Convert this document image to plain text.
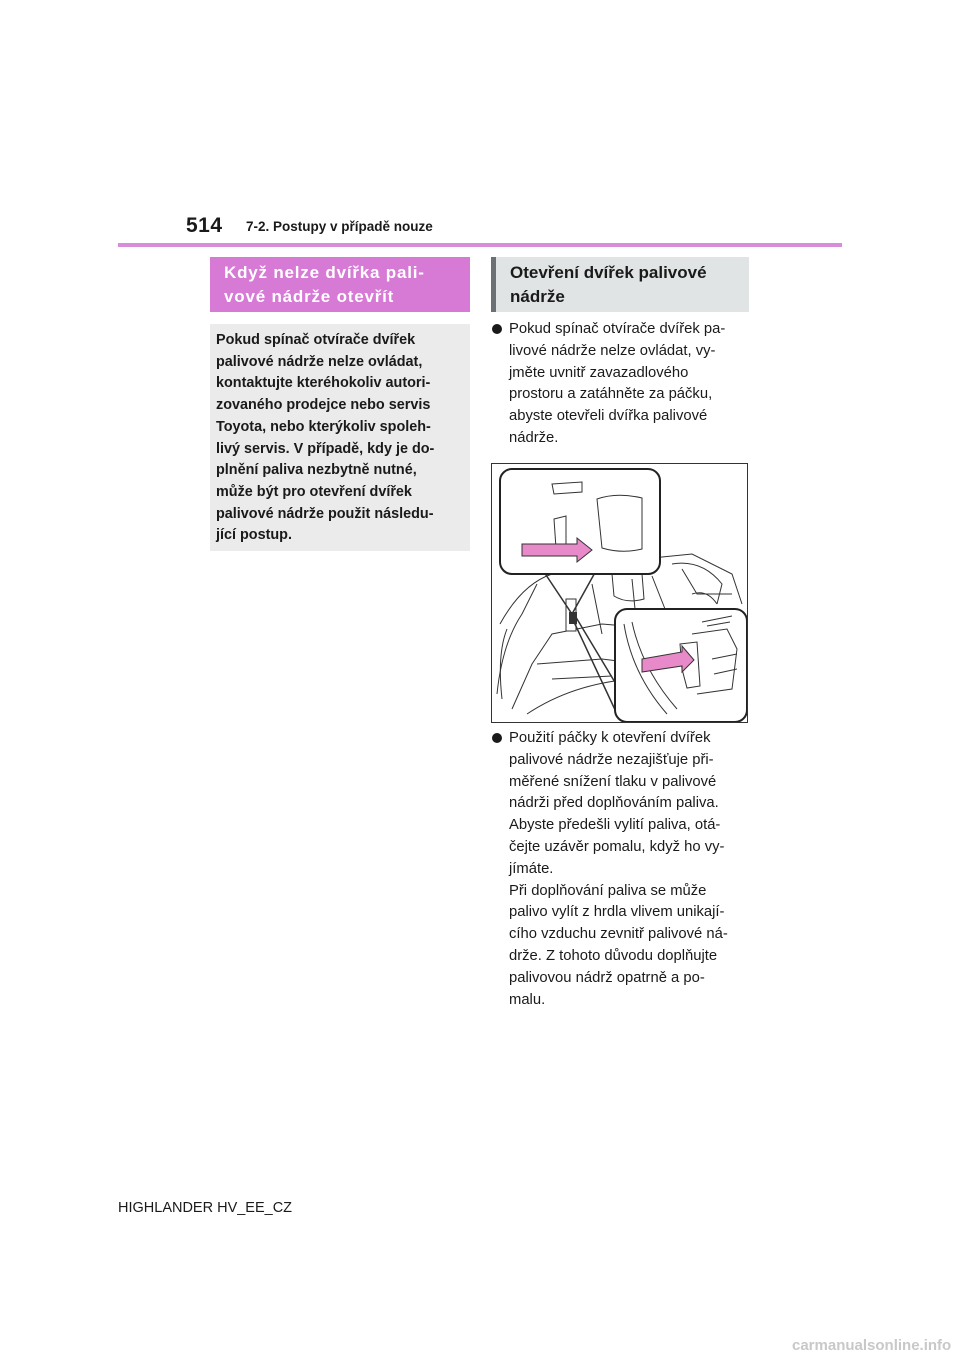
514 7-2. Postupy v případě nouze
Když nelze dvířka pali-
vové nádrže otevřít
Pokud spínač otvírače dvířek
palivové nádrže nelze ovládat,
kontaktujte kteréhokoliv autori-
zovaného prodejce nebo servis
Toyota, nebo kterýkoliv spoleh-
livý servis. V případě, kdy je do-
plnění paliva nezbytně nutné,
může být pro otevření dvířek
palivové nádrže použit následu-
jící postup.
Otevření dvířek palivové
nádrže
Pokud spínač otvírače dvířek pa-
livové nádrže nelze ovládat, vy-
jměte uvnitř zavazadlového
prostoru a zatáhněte za páčku,
abyste otevřeli dvířka palivové
nádrže.
Použití páčky k otevření dvířek
palivové nádrže nezajišťuje při-
měřené snížení tlaku v palivové
nádrži před doplňováním paliva.
Abyste předešli vylití paliva, otá-
čejte uzávěr pomalu, když ho vy-
jímáte.
Při doplňování paliva se může
palivo vylít z hrdla vlivem unikají-
cího vzduchu zevnitř palivové ná-
drže. Z tohoto důvodu doplňujte
palivovou nádrž opatrně a po-
malu.
HIGHLANDER HV_EE_CZ
carmanualsonline.info
